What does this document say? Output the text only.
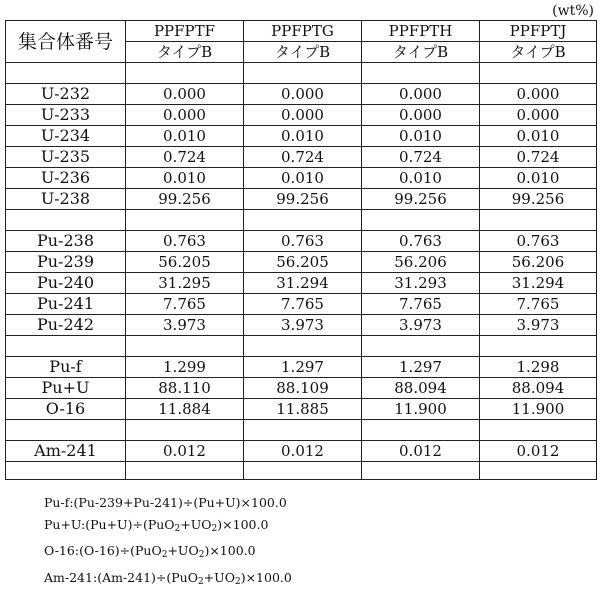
(wt%)
集合体番号	PPFPTF	PPFPTG	PPFPTH	PPFPTJ
	タイプB	タイプB	タイプB	タイプB

U-232	0.000	0.000	0.000	0.000
U-233	0.000	0.000	0.000	0.000
U-234	0.010	0.010	0.010	0.010
U-235	0.724	0.724	0.724	0.724
U-236	0.010	0.010	0.010	0.010
U-238	99.256	99.256	99.256	99.256

Pu-238	0.763	0.763	0.763	0.763
Pu-239	56.205	56.205	56.206	56.206
Pu-240	31.295	31.294	31.293	31.294
Pu-241	7.765	7.765	7.765	7.765
Pu-242	3.973	3.973	3.973	3.973

Pu-f	1.299	1.297	1.297	1.298
Pu+U	88.110	88.109	88.094	88.094
O-16	11.884	11.885	11.900	11.900

Am-241	0.012	0.012	0.012	0.012

Pu-f:(Pu-239+Pu-241)÷(Pu+U)×100.0
$Pu+U:(Pu+U)\div(PuO_2+UO_2)\times 100.0$
$O-16:(O-16)\div(PuO_2+UO_2)\times 100.0$
$Am-241:(Am-241)\div(PuO_2+UO_2)\times 100.0$
